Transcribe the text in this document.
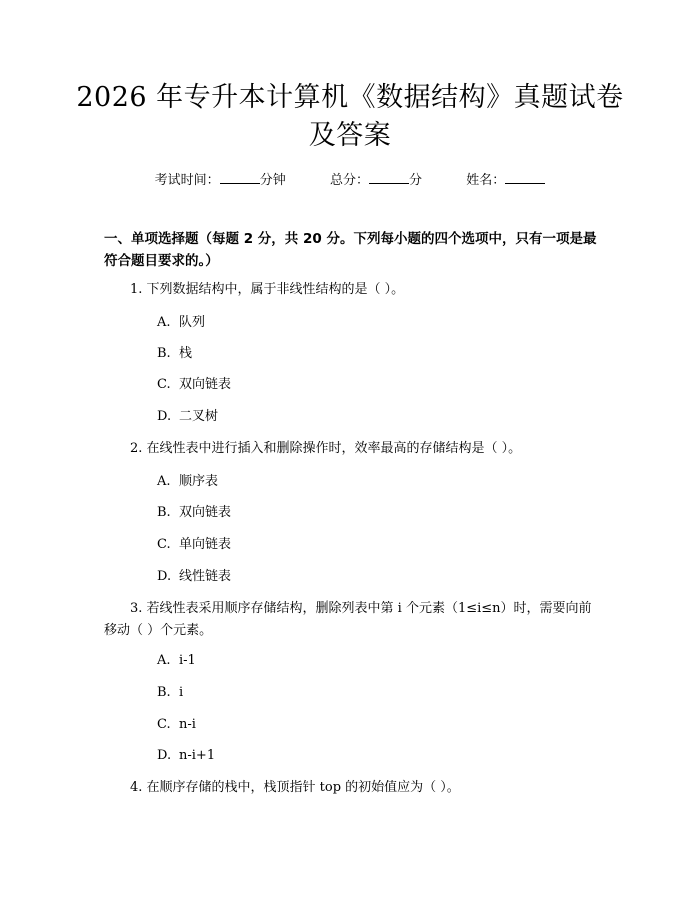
2026 年专升本计算机《数据结构》真题试卷
及答案
考试时间：	分钟	总分：	分	姓名：
一、单项选择题（每题 2 分，共 20 分。下列每小题的四个选项中，只有一项是最符合题目要求的。）
1. 下列数据结构中，属于非线性结构的是（ ）。
A. 队列
B. 栈
C. 双向链表
D. 二叉树
2. 在线性表中进行插入和删除操作时，效率最高的存储结构是（ ）。
A. 顺序表
B. 双向链表
C. 单向链表
D. 线性链表
3. 若线性表采用顺序存储结构，删除列表中第 i 个元素（1≤i≤n）时，需要向前移动（ ）个元素。
A. i-1
B. i
C. n-i
D. n-i+1
4. 在顺序存储的栈中，栈顶指针 top 的初始值应为（ ）。
